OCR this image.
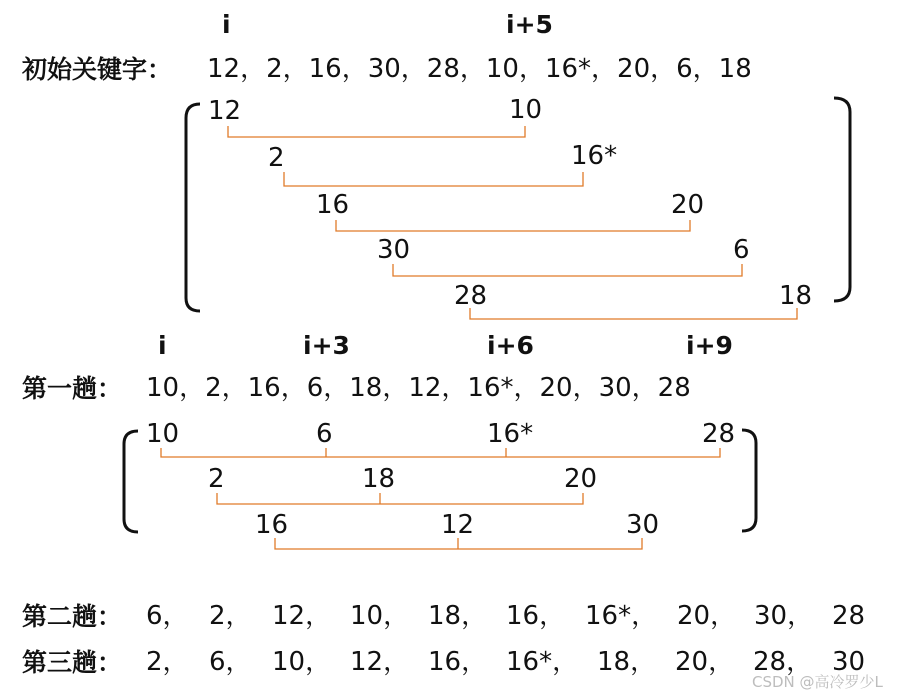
i	i+5
初始关键字： 12，2，16，30，28，10，16*，20，6，18
12	10
2	16*
16	20
30	6
28	18
i	i+3	i+6	i+9
第一趟： 10，2，16，6，18，12，16*，20，30，28
10	6	16*	28
2	18	20
16	12	30
第二趟： 6， 2， 12， 10， 18， 16， 16*， 20， 30， 28
第三趟： 2， 6， 10， 12， 16， 16*， 18， 20， 28， 30
CSDN @高冷罗少L
